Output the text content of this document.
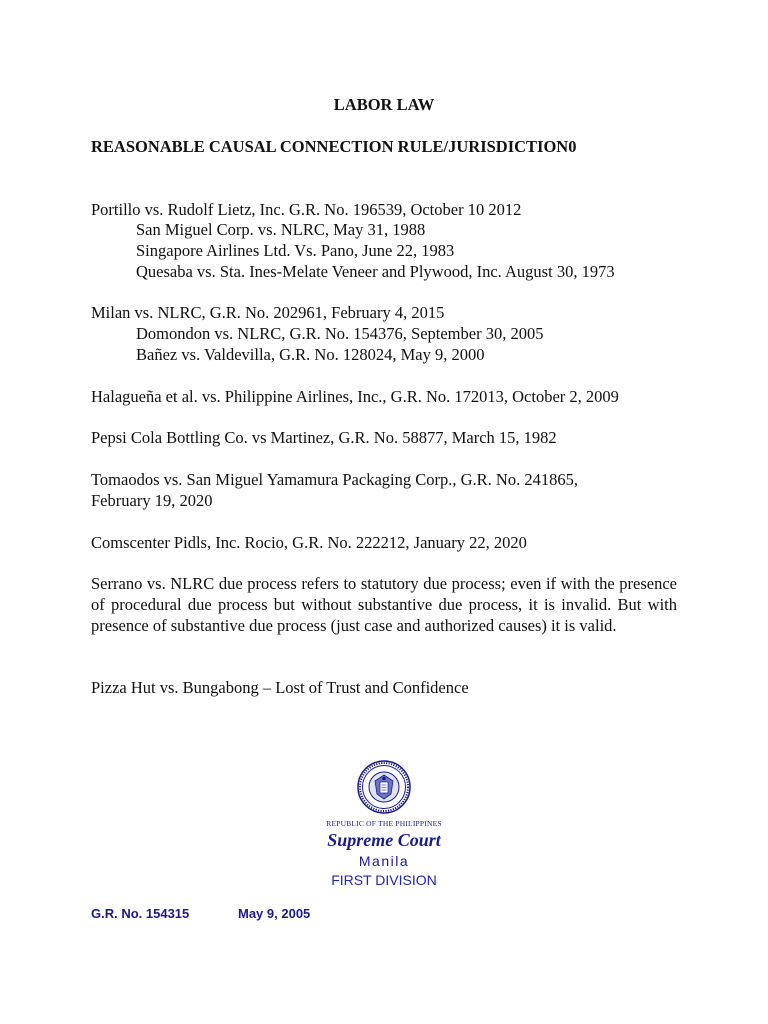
LABOR LAW

REASONABLE CAUSAL CONNECTION RULE/JURISDICTION0

Portillo vs. Rudolf Lietz, Inc. G.R. No. 196539, October 10 2012

San Miguel Corp. vs. NLRC, May 31, 1988

Singapore Airlines Ltd. Vs. Pano, June 22, 1983

Quesaba vs. Sta. Ines-Melate Veneer and Plywood, Inc. August 30, 1973

Milan vs. NLRC, G.R. No. 202961, February 4, 2015

Domondon vs. NLRC, G.R. No. 154376, September 30, 2005

Bañez vs. Valdevilla, G.R. No. 128024, May 9, 2000

Halagueña et al. vs. Philippine Airlines, Inc., G.R. No. 172013, October 2, 2009

Pepsi Cola Bottling Co. vs Martinez, G.R. No. 58877, March 15, 1982

Tomaodos vs. San Miguel Yamamura Packaging Corp., G.R. No. 241865,

February 19, 2020

Comscenter Pidls, Inc. Rocio, G.R. No. 222212, January 22, 2020

Serrano vs. NLRC due process refers to statutory due process; even if with the presence of procedural due process but without substantive due process, it is invalid. But with presence of substantive due process (just case and authorized causes) it is valid.

Pizza Hut vs. Bungabong – Lost of Trust and Confidence

REPUBLIC OF THE PHILIPPINES
Supreme Court
Manila
FIRST DIVISION
G.R. No. 154315	May 9, 2005
